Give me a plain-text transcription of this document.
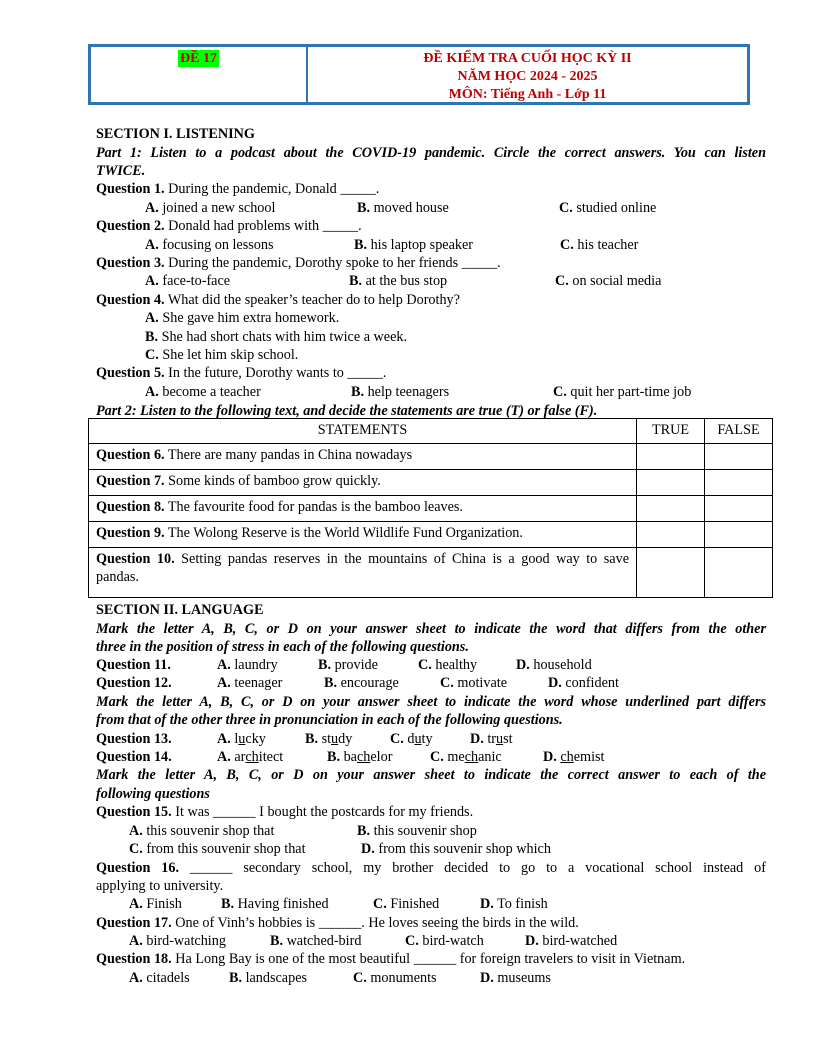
ĐỀ 17	ĐỀ KIỂM TRA CUỐI HỌC KỲ II
NĂM HỌC 2024 - 2025
MÔN: Tiếng Anh - Lớp 11
SECTION I. LISTENING
Part 1: Listen to a podcast about the COVID-19 pandemic. Circle the correct answers. You can listen
TWICE.
Question 1. During the pandemic, Donald _____.
A. joined a new school	B. moved house	C. studied online
Question 2. Donald had problems with _____.
A. focusing on lessons	B. his laptop speaker	C. his teacher
Question 3. During the pandemic, Dorothy spoke to her friends _____.
A. face-to-face	B. at the bus stop	C. on social media
Question 4. What did the speaker’s teacher do to help Dorothy?
A. She gave him extra homework.
B. She had short chats with him twice a week.
C. She let him skip school.
Question 5. In the future, Dorothy wants to _____.
A. become a teacher	B. help teenagers	C. quit her part-time job
Part 2: Listen to the following text, and decide the statements are true (T) or false (F).
STATEMENTS	TRUE	FALSE
Question 6. There are many pandas in China nowadays		
Question 7. Some kinds of bamboo grow quickly.		
Question 8. The favourite food for pandas is the bamboo leaves.		
Question 9. The Wolong Reserve is the World Wildlife Fund Organization.		
Question 10. Setting pandas reserves in the mountains of China is a good way to save pandas.		
SECTION II. LANGUAGE
Mark the letter A, B, C, or D on your answer sheet to indicate the word that differs from the other
three in the position of stress in each of the following questions.
Question 11.	A. laundry	B. provide	C. healthy	D. household
Question 12.	A. teenager	B. encourage	C. motivate	D. confident
Mark the letter A, B, C, or D on your answer sheet to indicate the word whose underlined part differs
from that of the other three in pronunciation in each of the following questions.
Question 13.	A. lucky	B. study	C. duty	D. trust
Question 14.	A. architect	B. bachelor	C. mechanic	D. chemist
Mark the letter A, B, C, or D on your answer sheet to indicate the correct answer to each of the
following questions
Question 15. It was ______ I bought the postcards for my friends.
A. this souvenir shop that	B. this souvenir shop
C. from this souvenir shop that	D. from this souvenir shop which
Question 16. ______ secondary school, my brother decided to go to a vocational school instead of
applying to university.
A. Finish	B. Having finished	C. Finished	D. To finish
Question 17. One of Vinh’s hobbies is ______. He loves seeing the birds in the wild.
A. bird-watching	B. watched-bird	C. bird-watch	D. bird-watched
Question 18. Ha Long Bay is one of the most beautiful ______ for foreign travelers to visit in Vietnam.
A. citadels	B. landscapes	C. monuments	D. museums
